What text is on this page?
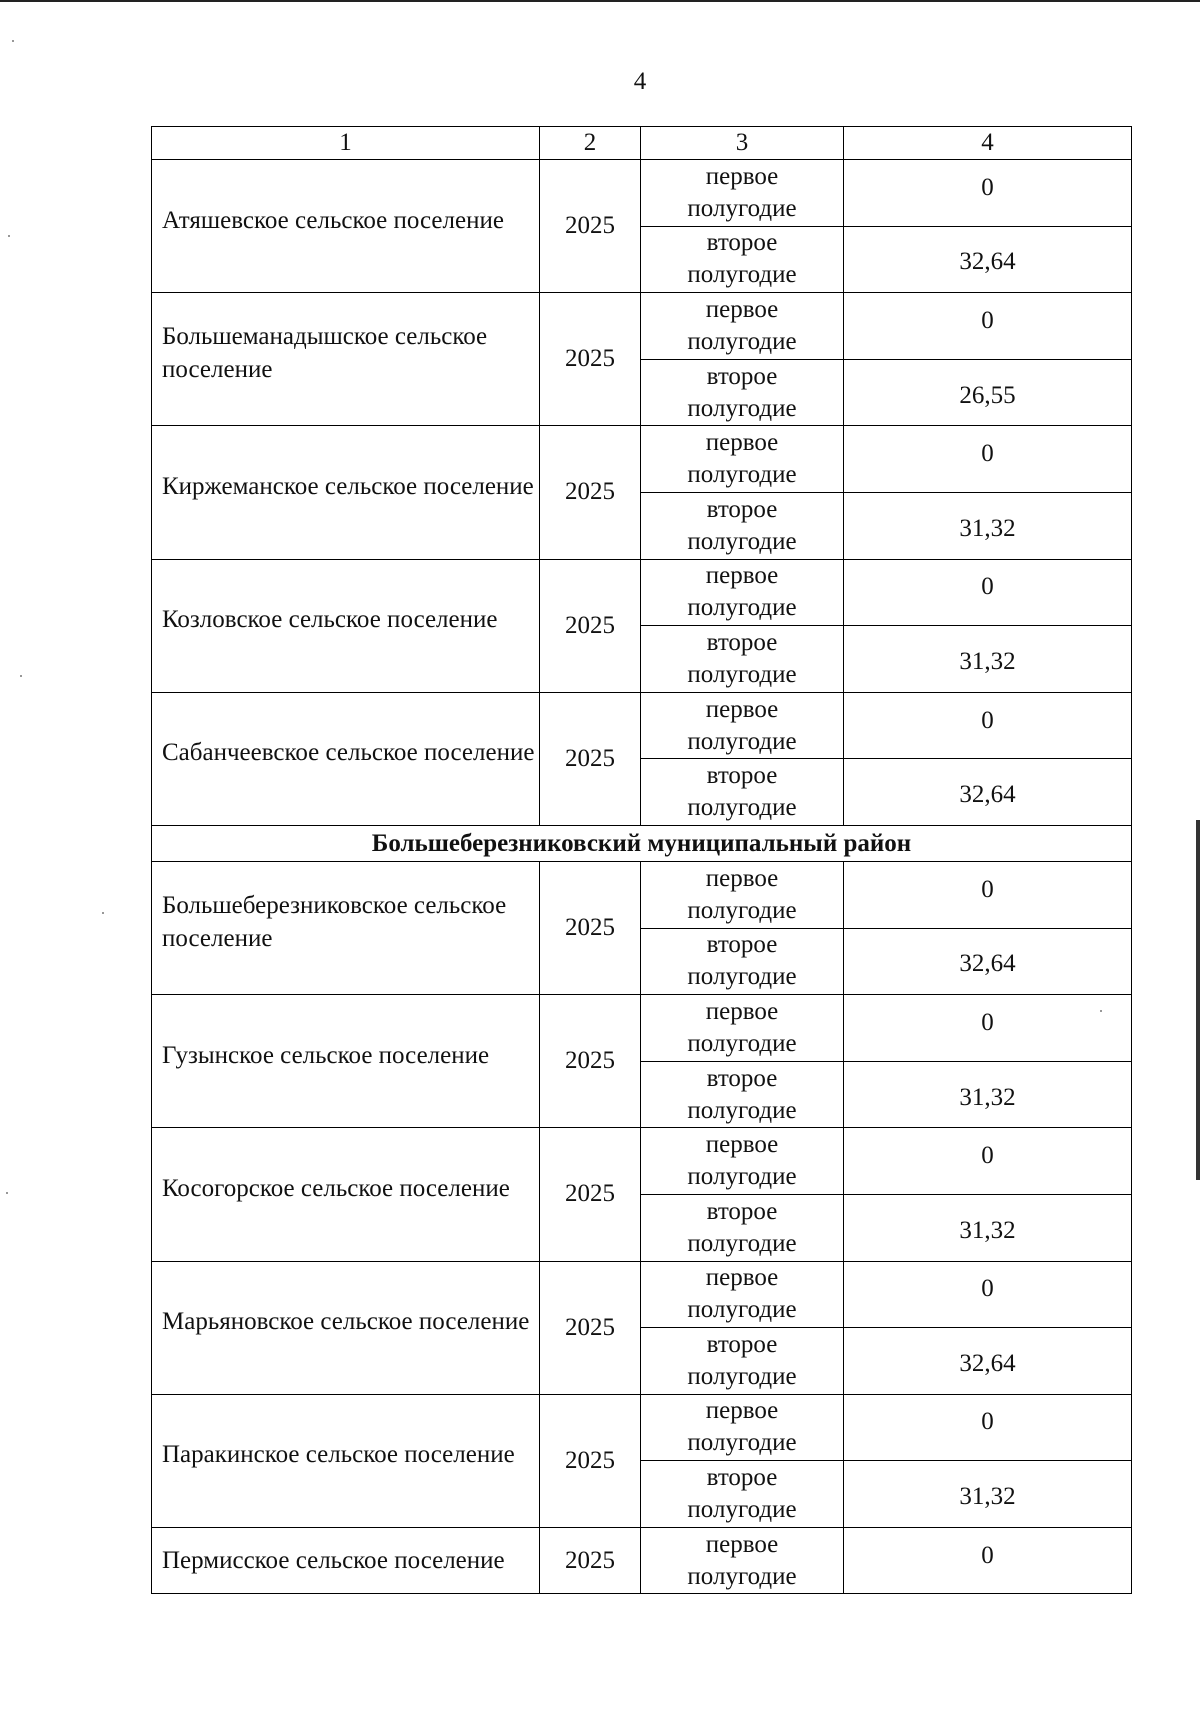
4
1	2	3	4

Атяшевское сельское поселение	2025	первое
полугодие	0

		второе
полугодие	32,64

Большеманадышское сельское поселение	2025	первое
полугодие	0

		второе
полугодие	26,55

Киржеманское сельское поселение	2025	первое
полугодие	0

		второе
полугодие	31,32

Козловское сельское поселение	2025	первое
полугодие	0

		второе
полугодие	31,32

Сабанчеевское сельское поселение	2025	первое
полугодие	0

		второе
полугодие	32,64
Большеберезниковский муниципальный район			

Большеберезниковское сельское поселение	2025	первое
полугодие	0

		второе
полугодие	32,64

Гузынское сельское поселение	2025	первое
полугодие	0

		второе
полугодие	31,32

Косогорское сельское поселение	2025	первое
полугодие	0

		второе
полугодие	31,32

Марьяновское сельское поселение	2025	первое
полугодие	0

		второе
полугодие	32,64

Паракинское сельское поселение	2025	первое
полугодие	0

		второе
полугодие	31,32

Пермисское сельское поселение	2025	первое
полугодие	0
